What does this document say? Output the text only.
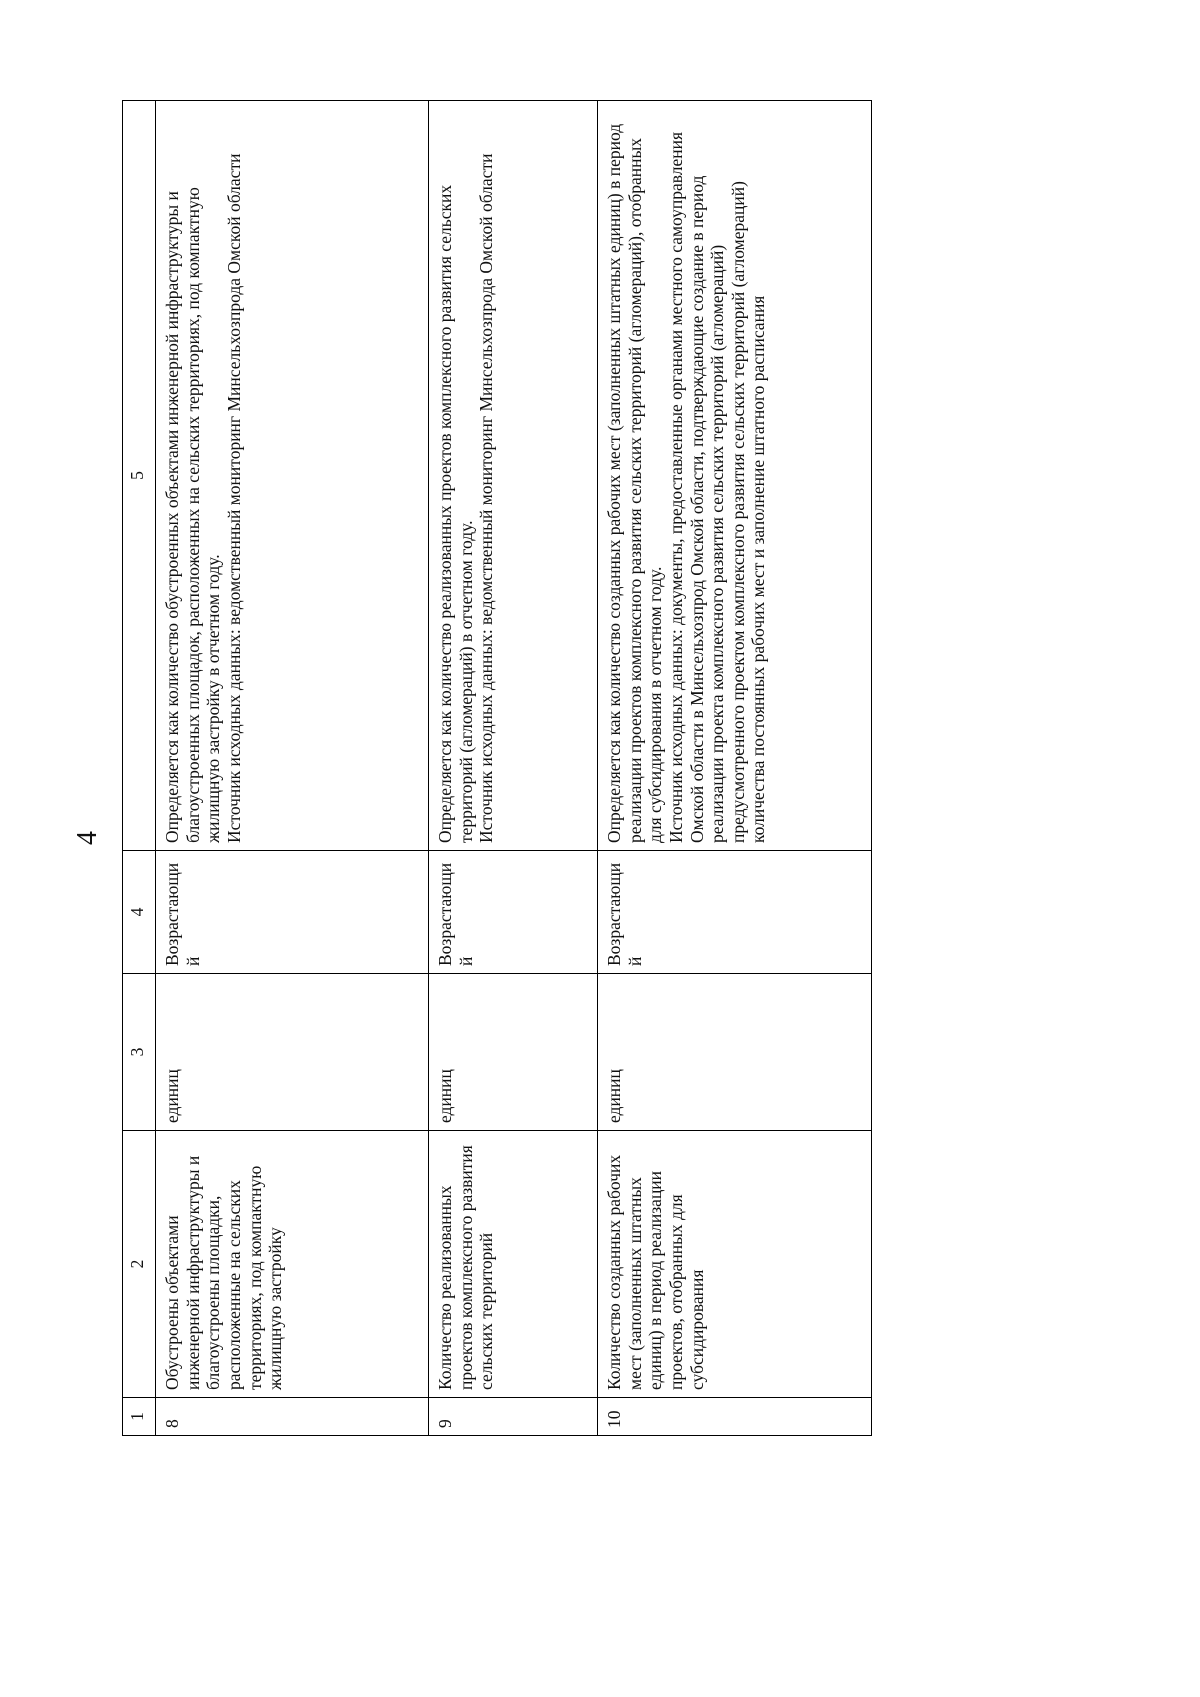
4
1	2	3	4	5
8	Обустроены объектами инженерной инфраструктуры и благоустроены площадки, расположенные на сельских территориях, под компактную жилищную застройку	единиц	Возрастающий	Определяется как количество обустроенных объектами инженерной инфраструктуры и благоустроенных площадок, расположенных на сельских территориях, под компактную жилищную застройку в отчетном году. Источник исходных данных: ведомственный мониторинг Минсельхозпрода Омской области

9	Количество реализованных проектов комплексного развития сельских территорий	единиц	Возрастающий	Определяется как количество реализованных проектов комплексного развития сельских территорий (агломераций) в отчетном году. Источник исходных данных: ведомственный мониторинг Минсельхозпрода Омской области

10	Количество созданных рабочих мест (заполненных штатных единиц) в период реализации проектов, отобранных для субсидирования	единиц	Возрастающий	Определяется как количество созданных рабочих мест (заполненных штатных единиц) в период реализации проектов комплексного развития сельских территорий (агломераций), отобранных для субсидирования в отчетном году. Источник исходных данных: документы, предоставленные органами местного самоуправления Омской области в Минсельхозпрод Омской области, подтверждающие создание в период реализации проекта комплексного развития сельских территорий (агломераций) предусмотренного проектом комплексного развития сельских территорий (агломераций) количества постоянных рабочих мест и заполнение штатного расписания
